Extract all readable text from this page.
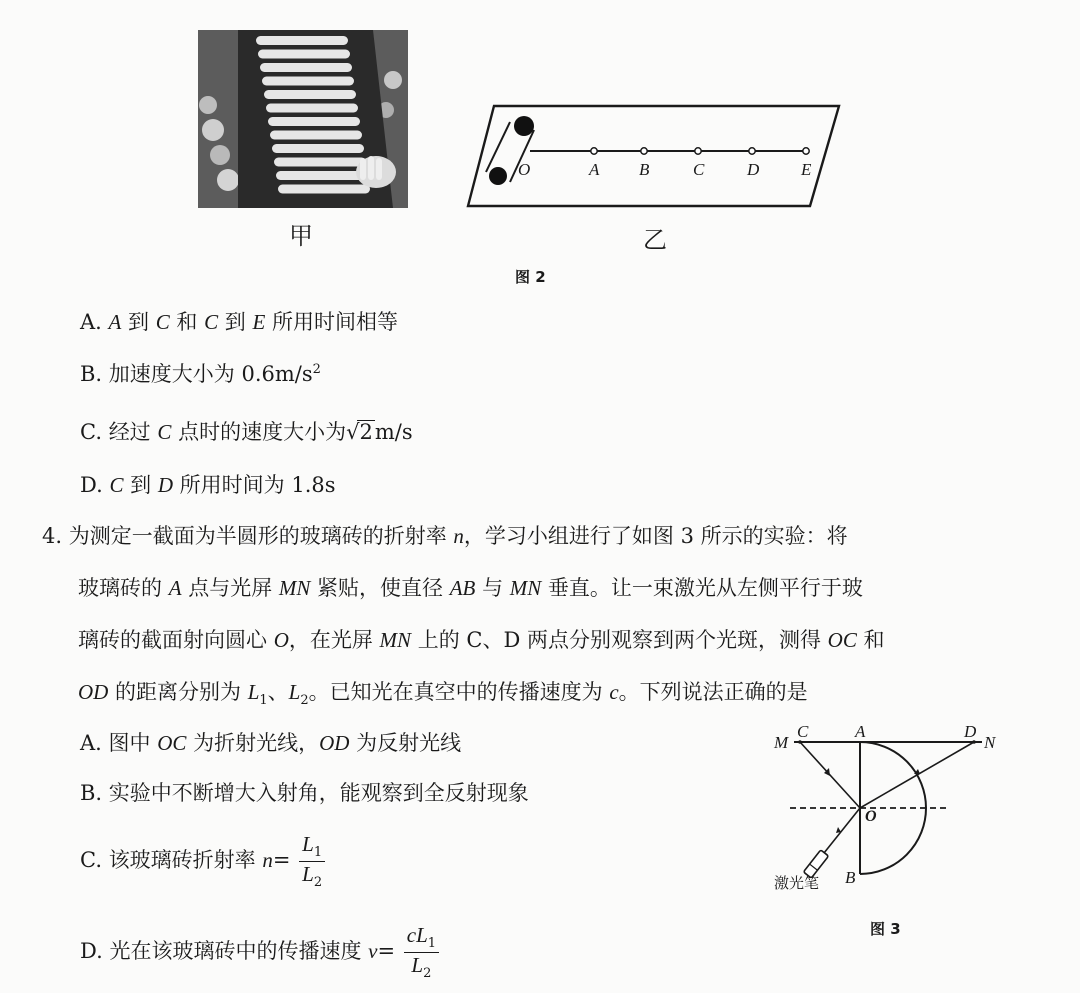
甲
O	A B	C	D E
乙
图 2
A. A 到 C 和 C 到 E 所用时间相等
B. 加速度大小为 $0.6m/s^2$
C. 经过 C 点时的速度大小为√2m/s
D. C 到 D 所用时间为 1.8s
4. 为测定一截面为半圆形的玻璃砖的折射率 n，学习小组进行了如图 3 所示的实验：将
玻璃砖的 A 点与光屏 MN 紧贴，使直径 AB 与 MN 垂直。让一束激光从左侧平行于玻
璃砖的截面射向圆心 O，在光屏 MN 上的 C、D 两点分别观察到两个光斑，测得 OC 和
OD 的距离分别为 $L_1$、$L_2$。已知光在真空中的传播速度为 c。下列说法正确的是
A. 图中 OC 为折射光线，OD 为反射光线
B. 实验中不断增大入射角，能观察到全反射现象
C. 该玻璃砖折射率 $n= \frac{L_1}{L_2}$
D. 光在该玻璃砖中的传播速度 $v= \frac{cL_1}{L_2}$
M
C	A	D
N
O
B
激光笔
图 3
